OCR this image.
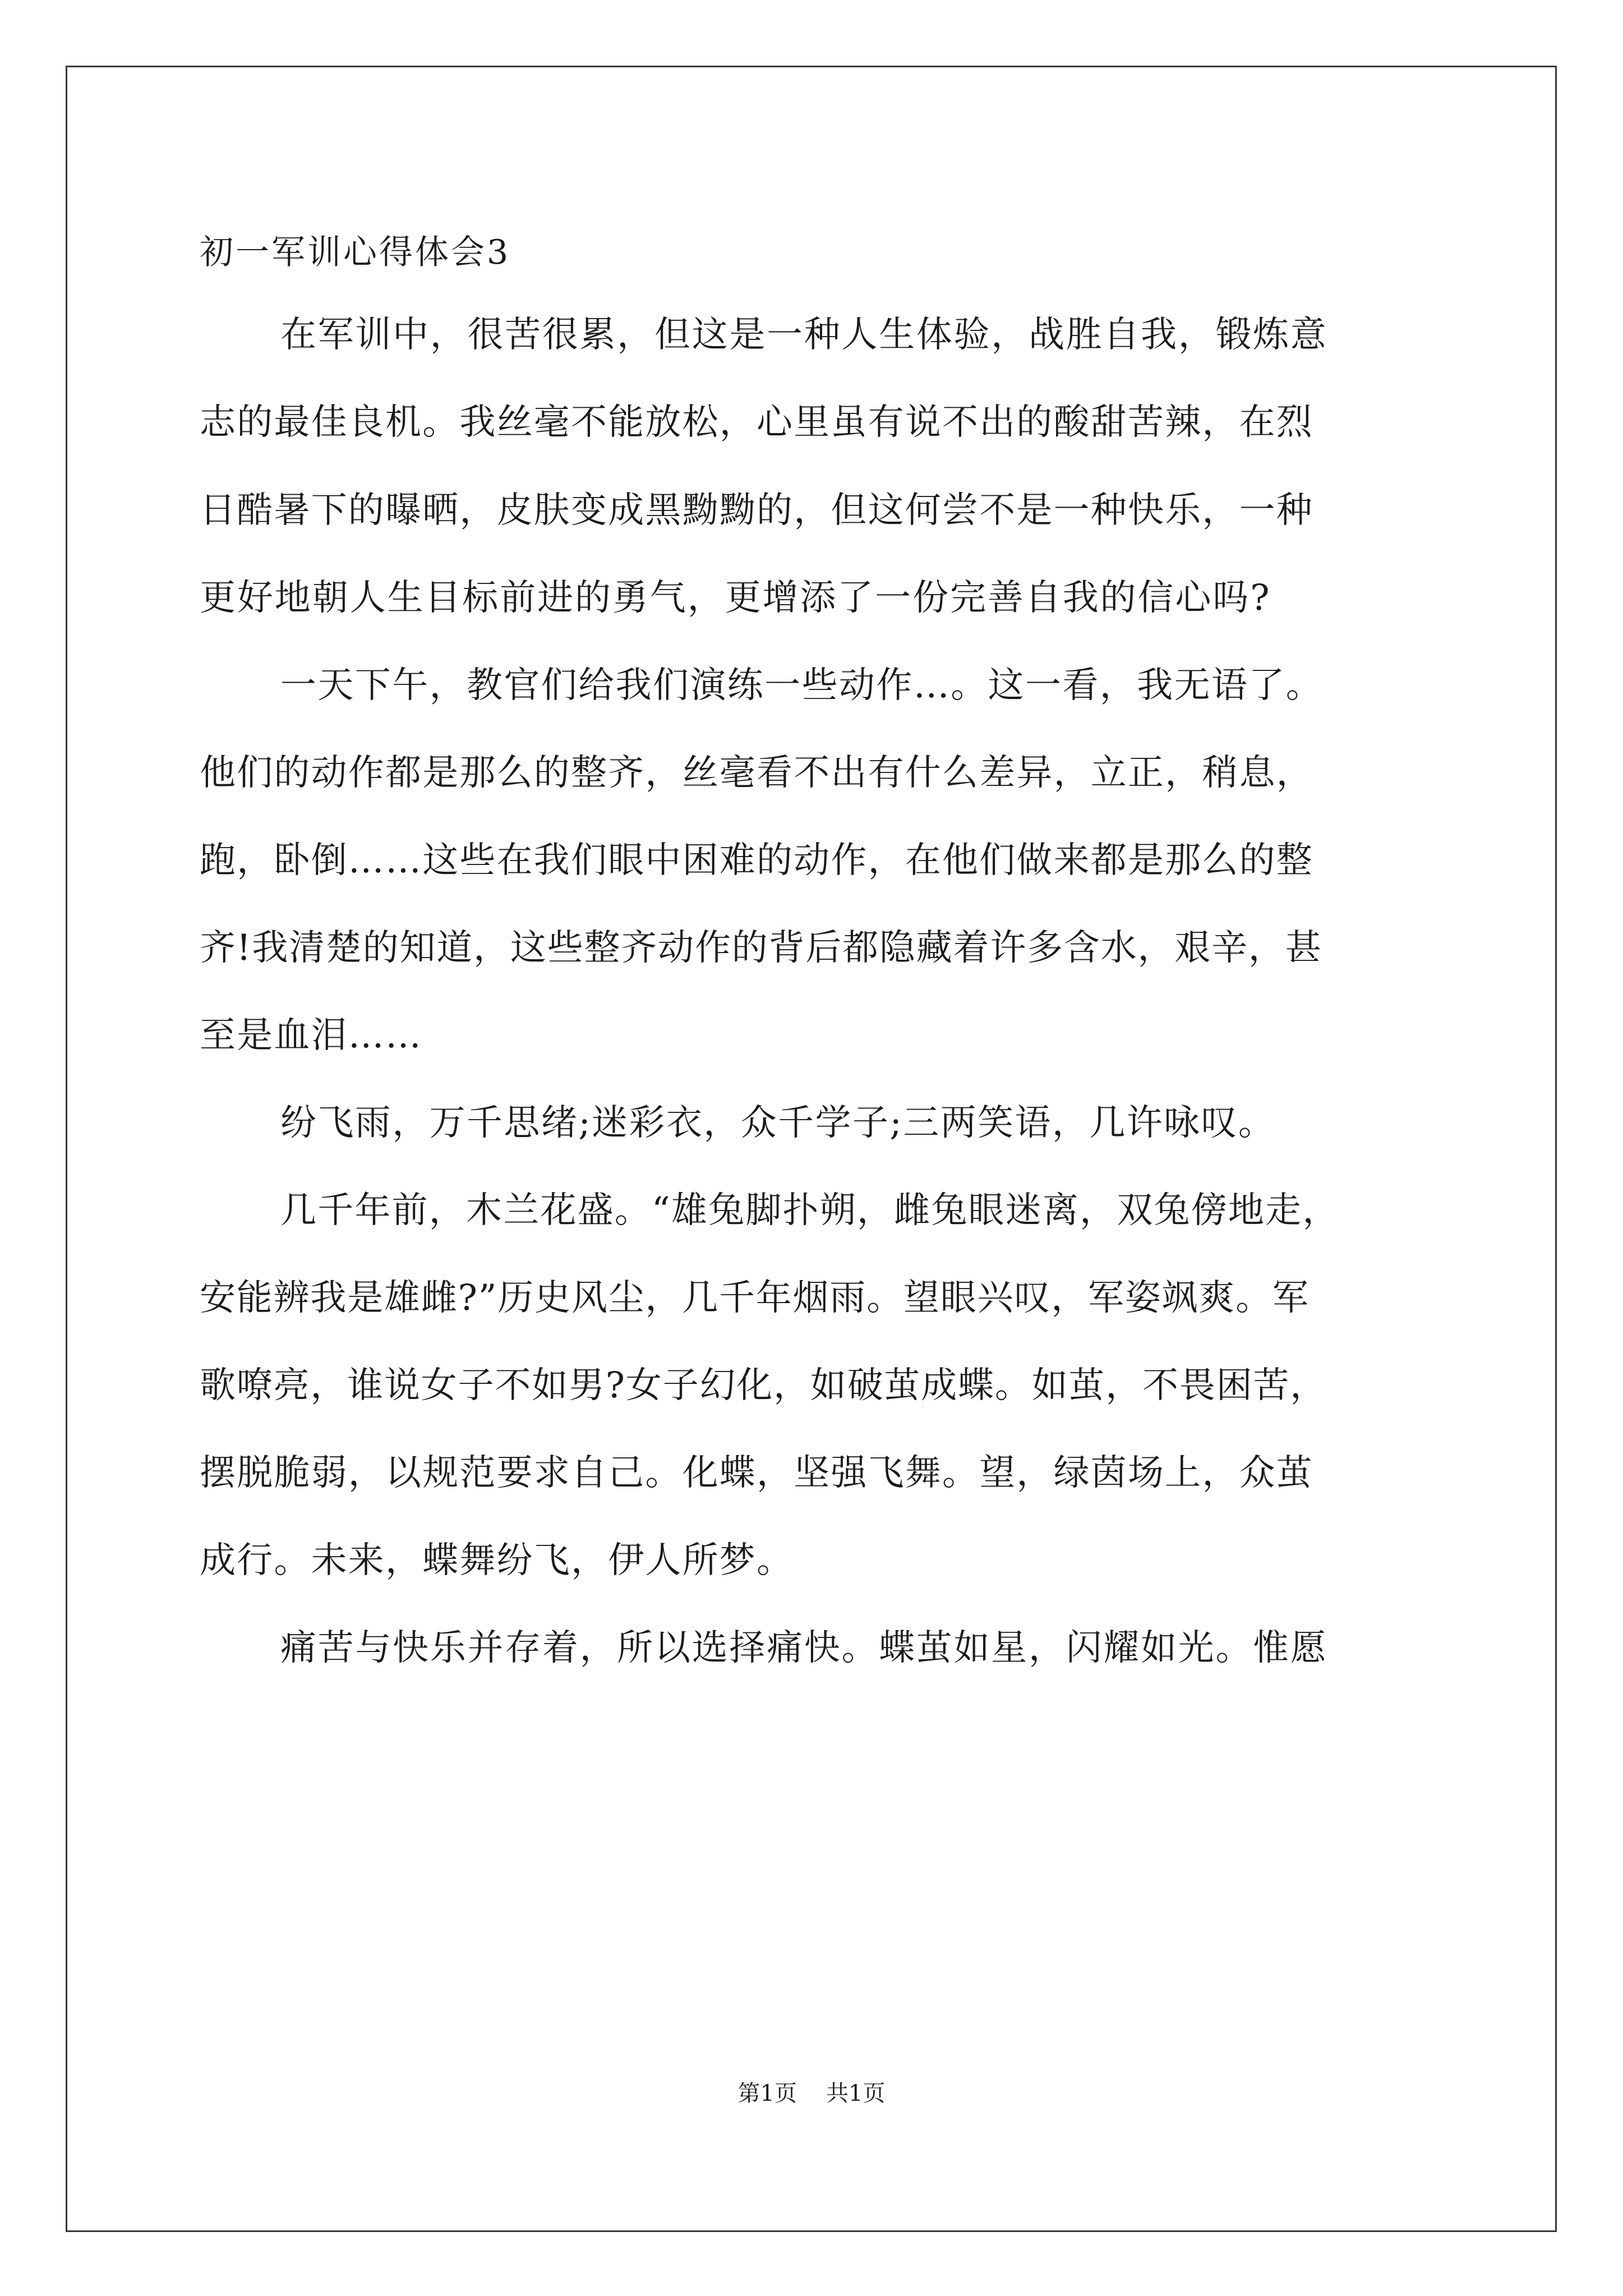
初一军训心得体会3
在军训中，很苦很累，但这是一种人生体验，战胜自我，锻炼意
志的最佳良机。我丝毫不能放松，心里虽有说不出的酸甜苦辣，在烈
日酷暑下的曝晒，皮肤变成黑黝黝的，但这何尝不是一种快乐，一种
更好地朝人生目标前进的勇气，更增添了一份完善自我的信心吗?
一天下午，教官们给我们演练一些动作…。这一看，我无语了。
他们的动作都是那么的整齐，丝毫看不出有什么差异，立正，稍息，
跑，卧倒……这些在我们眼中困难的动作，在他们做来都是那么的整
齐!我清楚的知道，这些整齐动作的背后都隐藏着许多含水，艰辛，甚
至是血泪……
纷飞雨，万千思绪;迷彩衣，众千学子;三两笑语，几许咏叹。
几千年前，木兰花盛。“雄兔脚扑朔，雌兔眼迷离，双兔傍地走，
安能辨我是雄雌?”历史风尘，几千年烟雨。望眼兴叹，军姿飒爽。军
歌嘹亮，谁说女子不如男?女子幻化，如破茧成蝶。如茧，不畏困苦，
摆脱脆弱，以规范要求自己。化蝶，坚强飞舞。望，绿茵场上，众茧
成行。未来，蝶舞纷飞，伊人所梦。
痛苦与快乐并存着，所以选择痛快。蝶茧如星，闪耀如光。惟愿
第1页 共1页
